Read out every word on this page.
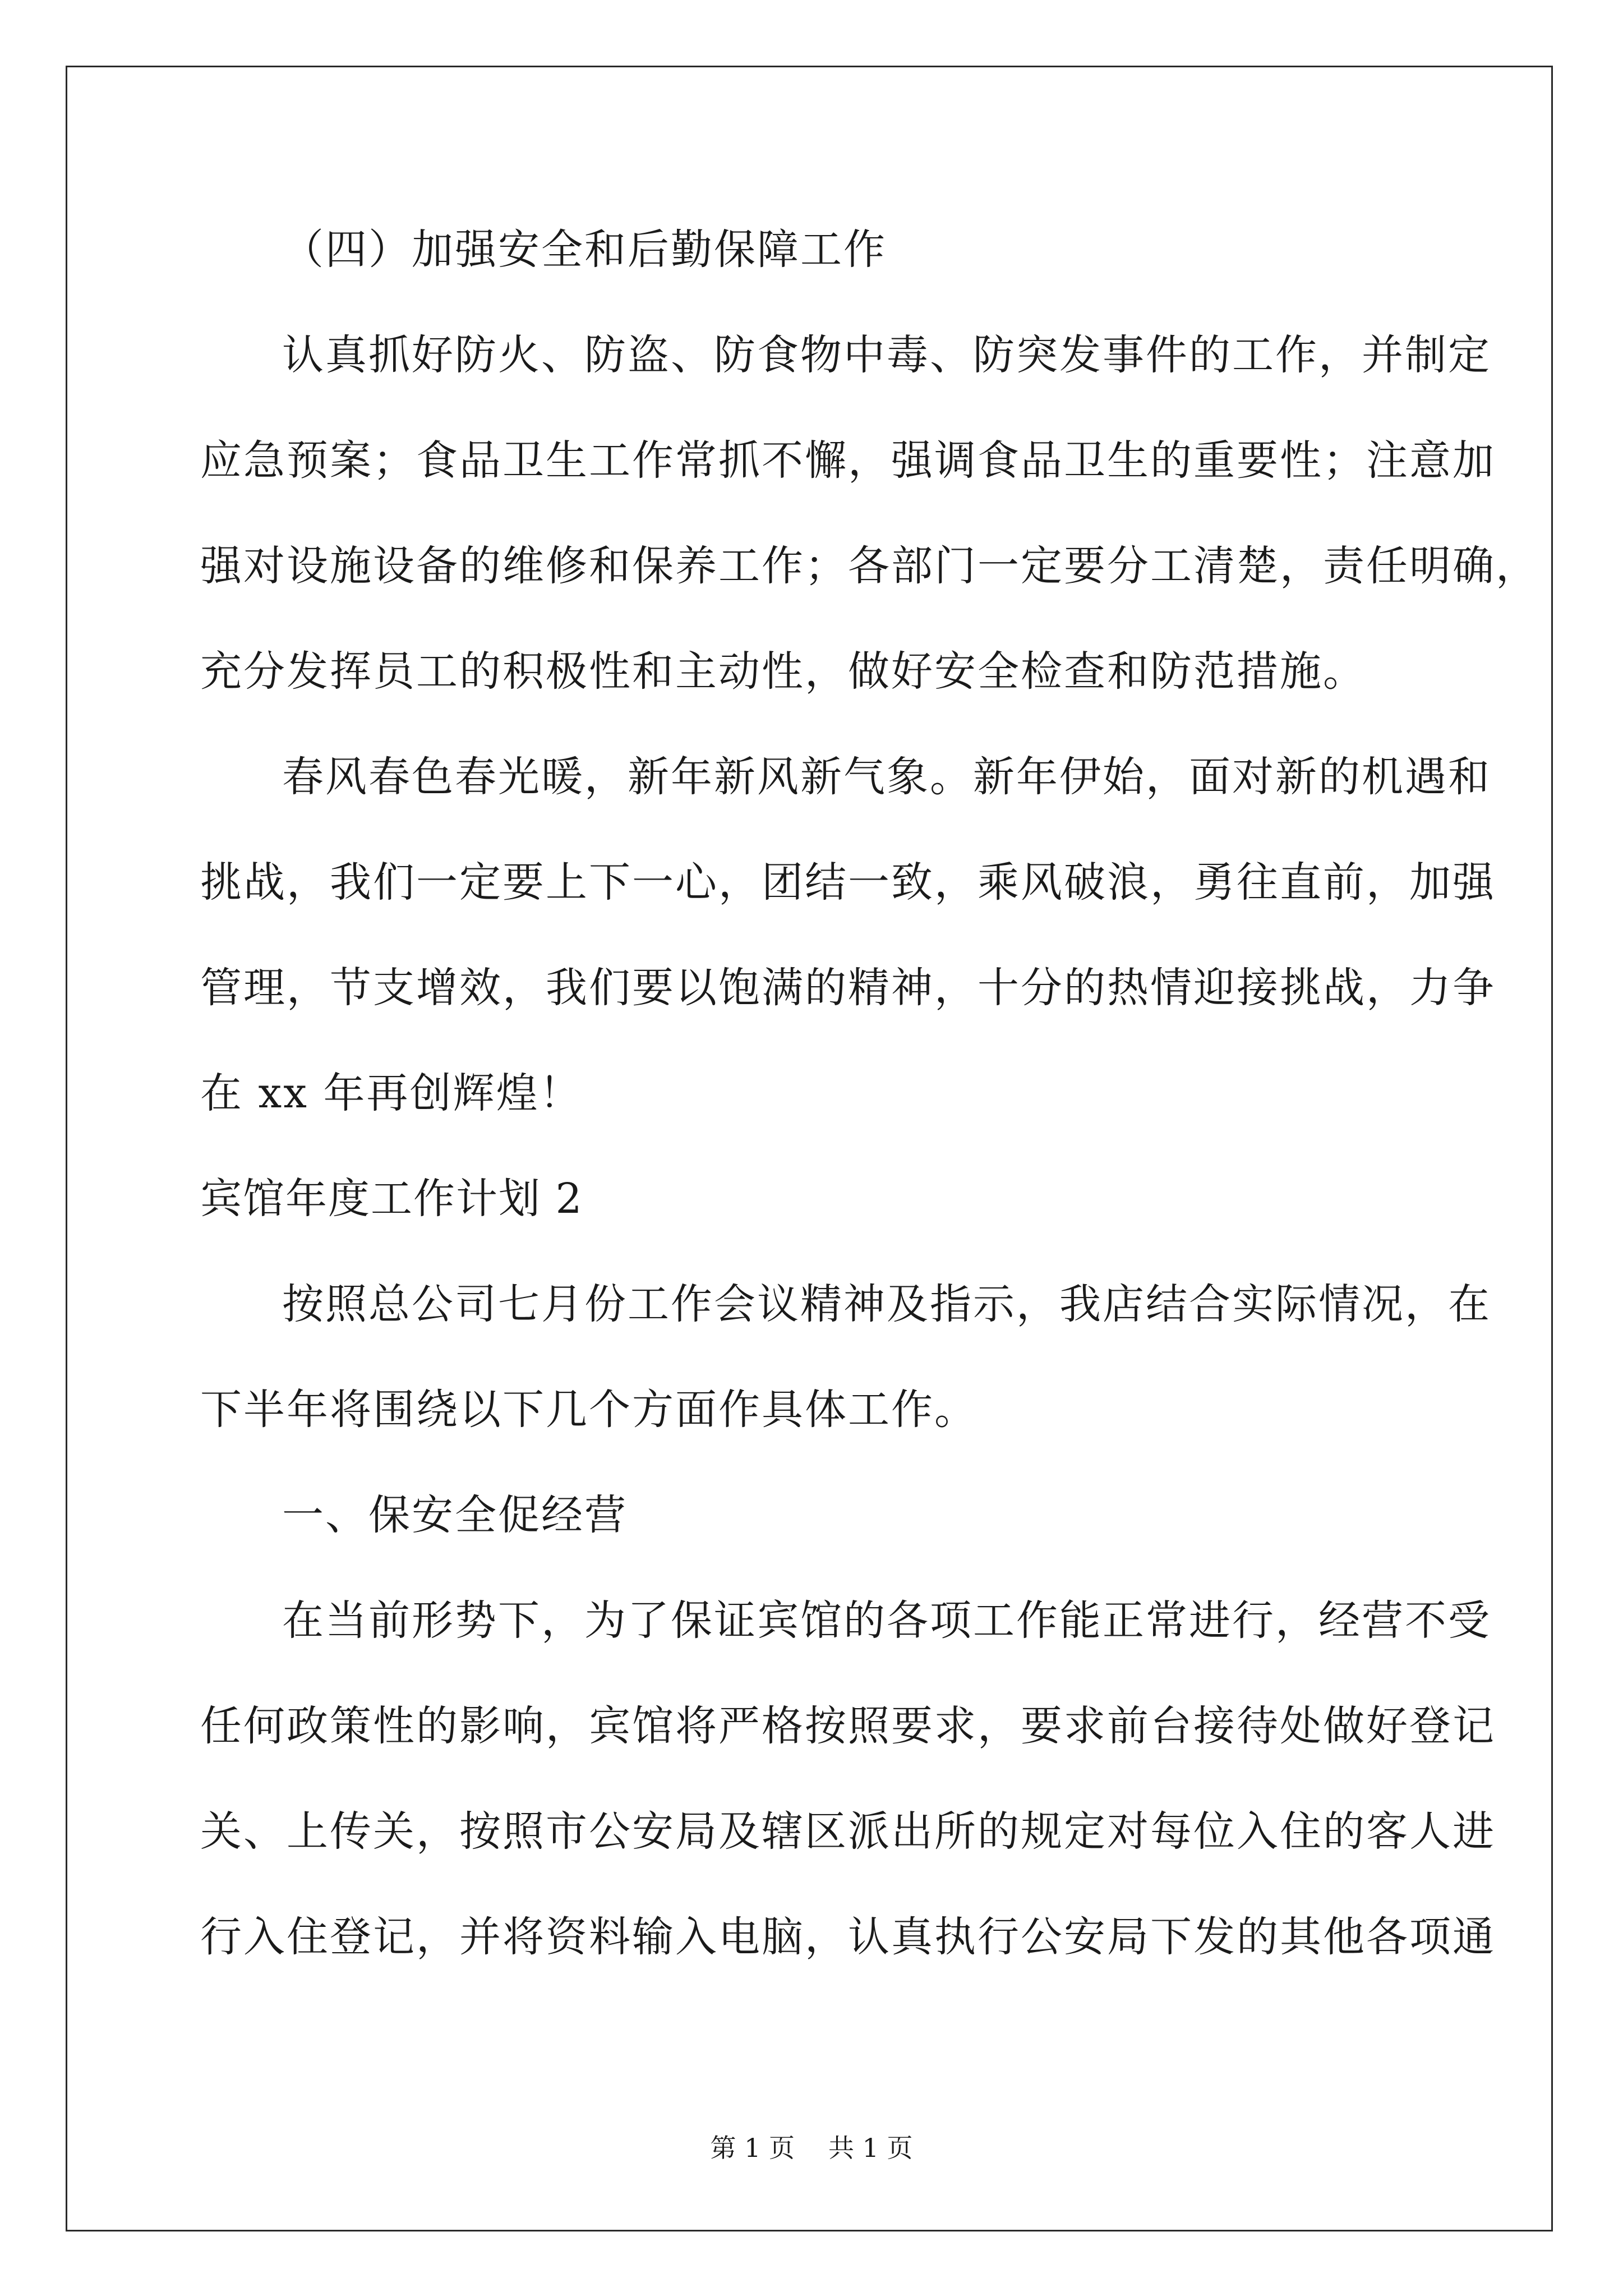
（四）加强安全和后勤保障工作
认真抓好防火、防盗、防食物中毒、防突发事件的工作，并制定
应急预案；食品卫生工作常抓不懈，强调食品卫生的重要性；注意加
强对设施设备的维修和保养工作；各部门一定要分工清楚，责任明确，
充分发挥员工的积极性和主动性，做好安全检查和防范措施。
春风春色春光暖，新年新风新气象。新年伊始，面对新的机遇和
挑战，我们一定要上下一心，团结一致，乘风破浪，勇往直前，加强
管理，节支增效，我们要以饱满的精神，十分的热情迎接挑战，力争
在 xx 年再创辉煌！
宾馆年度工作计划 2
按照总公司七月份工作会议精神及指示，我店结合实际情况，在
下半年将围绕以下几个方面作具体工作。
一、保安全促经营
在当前形势下，为了保证宾馆的各项工作能正常进行，经营不受
任何政策性的影响，宾馆将严格按照要求，要求前台接待处做好登记
关、上传关，按照市公安局及辖区派出所的规定对每位入住的客人进
行入住登记，并将资料输入电脑，认真执行公安局下发的其他各项通
第 1 页 共 1 页
